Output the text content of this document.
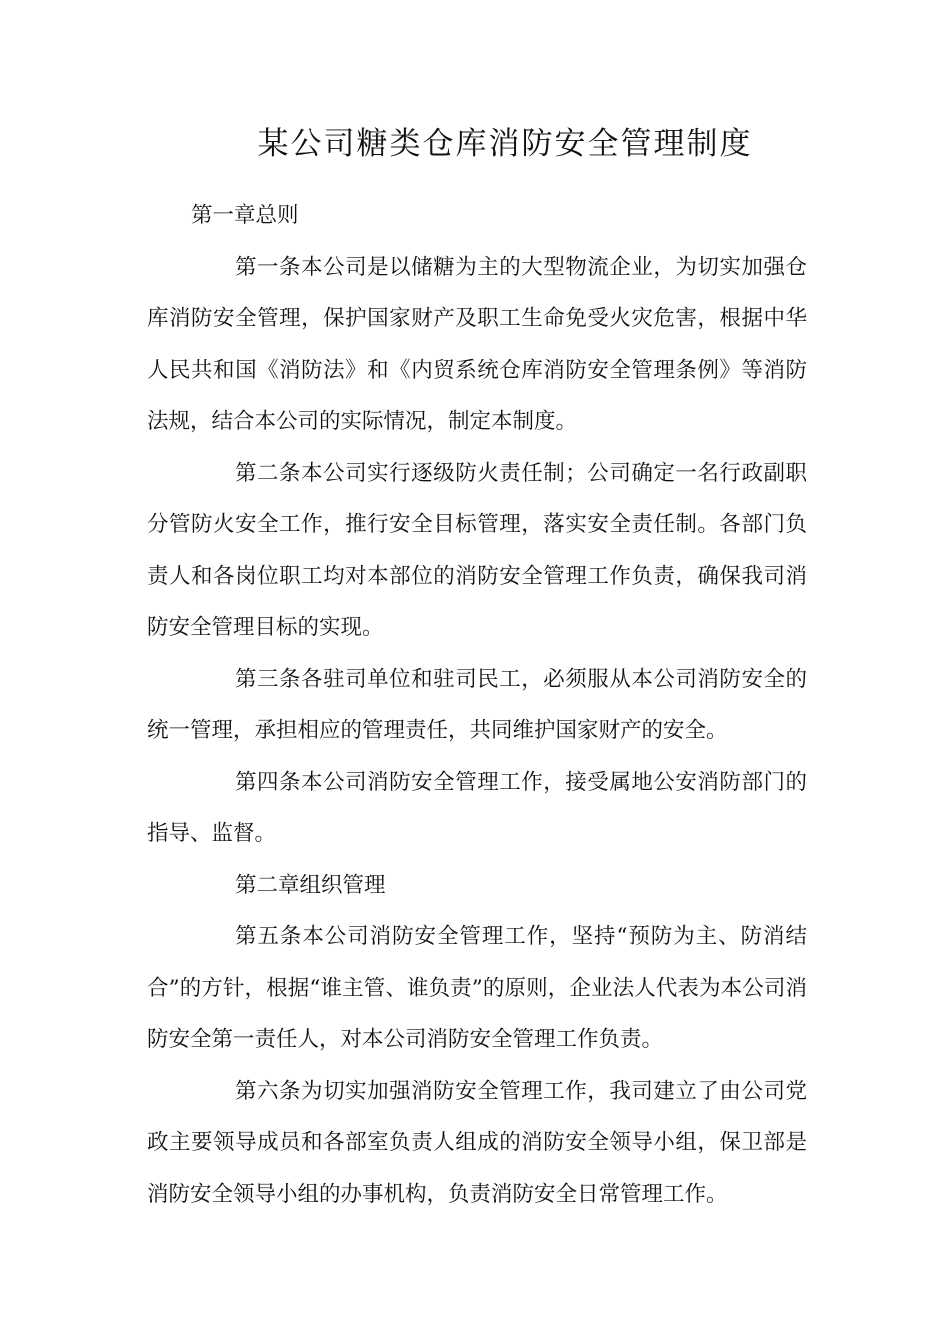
某公司糖类仓库消防安全管理制度

第一章总则

第一条本公司是以储糖为主的大型物流企业，为切实加强仓库消防安全管理，保护国家财产及职工生命免受火灾危害，根据中华人民共和国《消防法》和《内贸系统仓库消防安全管理条例》等消防法规，结合本公司的实际情况，制定本制度。

第二条本公司实行逐级防火责任制；公司确定一名行政副职分管防火安全工作，推行安全目标管理，落实安全责任制。各部门负责人和各岗位职工均对本部位的消防安全管理工作负责，确保我司消防安全管理目标的实现。

第三条各驻司单位和驻司民工，必须服从本公司消防安全的统一管理，承担相应的管理责任，共同维护国家财产的安全。

第四条本公司消防安全管理工作，接受属地公安消防部门的指导、监督。

第二章组织管理

第五条本公司消防安全管理工作，坚持“预防为主、防消结合”的方针，根据“谁主管、谁负责”的原则，企业法人代表为本公司消防安全第一责任人，对本公司消防安全管理工作负责。

第六条为切实加强消防安全管理工作，我司建立了由公司党政主要领导成员和各部室负责人组成的消防安全领导小组，保卫部是消防安全领导小组的办事机构，负责消防安全日常管理工作。
